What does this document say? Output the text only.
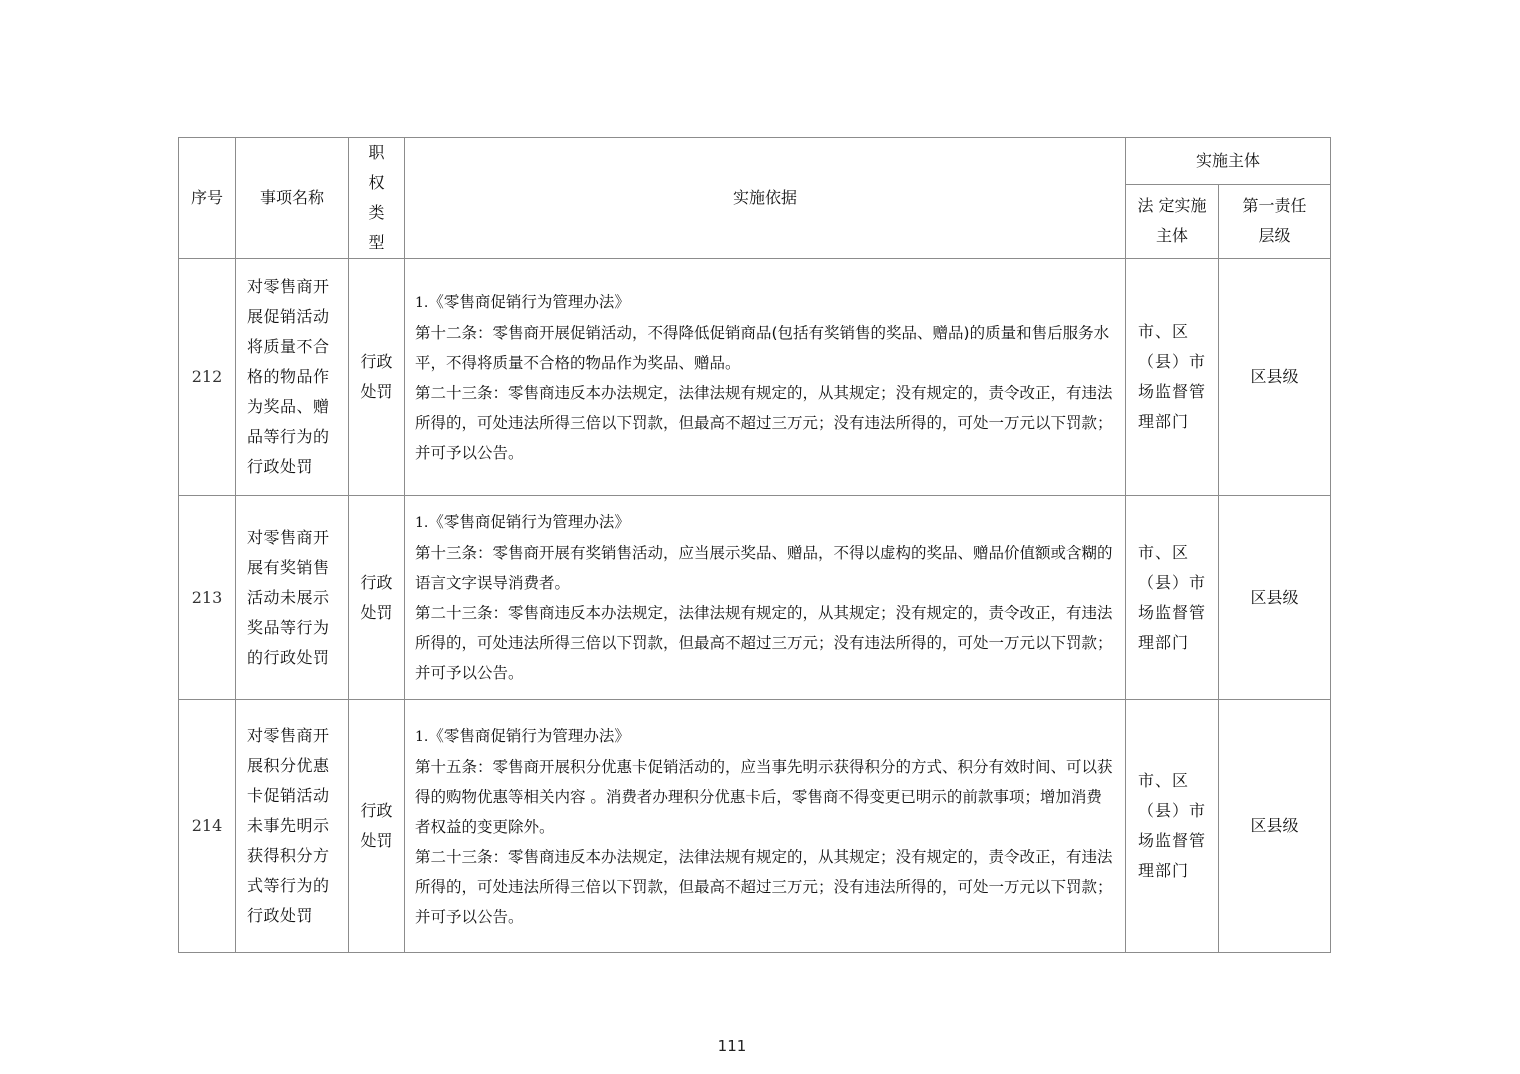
序号	事项名称	职权类型	实施依据	实施主体	
				法 定实施主体	第一责任层级
212	对零售商开展促销活动将质量不合格的物品作为奖品、赠品等行为的行政处罚	行政处罚	1.《零售商促销行为管理办法》
第十二条：零售商开展促销活动，不得降低促销商品(包括有奖销售的奖品、赠品)的质量和售后服务水平，不得将质量不合格的物品作为奖品、赠品。
第二十三条：零售商违反本办法规定，法律法规有规定的，从其规定；没有规定的，责令改正，有违法所得的，可处违法所得三倍以下罚款，但最高不超过三万元；没有违法所得的，可处一万元以下罚款；并可予以公告。	市、区（县）市场监督管理部门	区县级
213	对零售商开展有奖销售活动未展示奖品等行为的行政处罚	行政处罚	1.《零售商促销行为管理办法》
第十三条：零售商开展有奖销售活动，应当展示奖品、赠品，不得以虚构的奖品、赠品价值额或含糊的语言文字误导消费者。
第二十三条：零售商违反本办法规定，法律法规有规定的，从其规定；没有规定的，责令改正，有违法所得的，可处违法所得三倍以下罚款，但最高不超过三万元；没有违法所得的，可处一万元以下罚款；并可予以公告。	市、区（县）市场监督管理部门	区县级
214	对零售商开展积分优惠卡促销活动未事先明示获得积分方式等行为的行政处罚	行政处罚	1.《零售商促销行为管理办法》
第十五条：零售商开展积分优惠卡促销活动的，应当事先明示获得积分的方式、积分有效时间、可以获得的购物优惠等相关内容 。消费者办理积分优惠卡后，零售商不得变更已明示的前款事项；增加消费者权益的变更除外。
第二十三条：零售商违反本办法规定，法律法规有规定的，从其规定；没有规定的，责令改正，有违法所得的，可处违法所得三倍以下罚款，但最高不超过三万元；没有违法所得的，可处一万元以下罚款；并可予以公告。	市、区（县）市场监督管理部门	区县级
111
